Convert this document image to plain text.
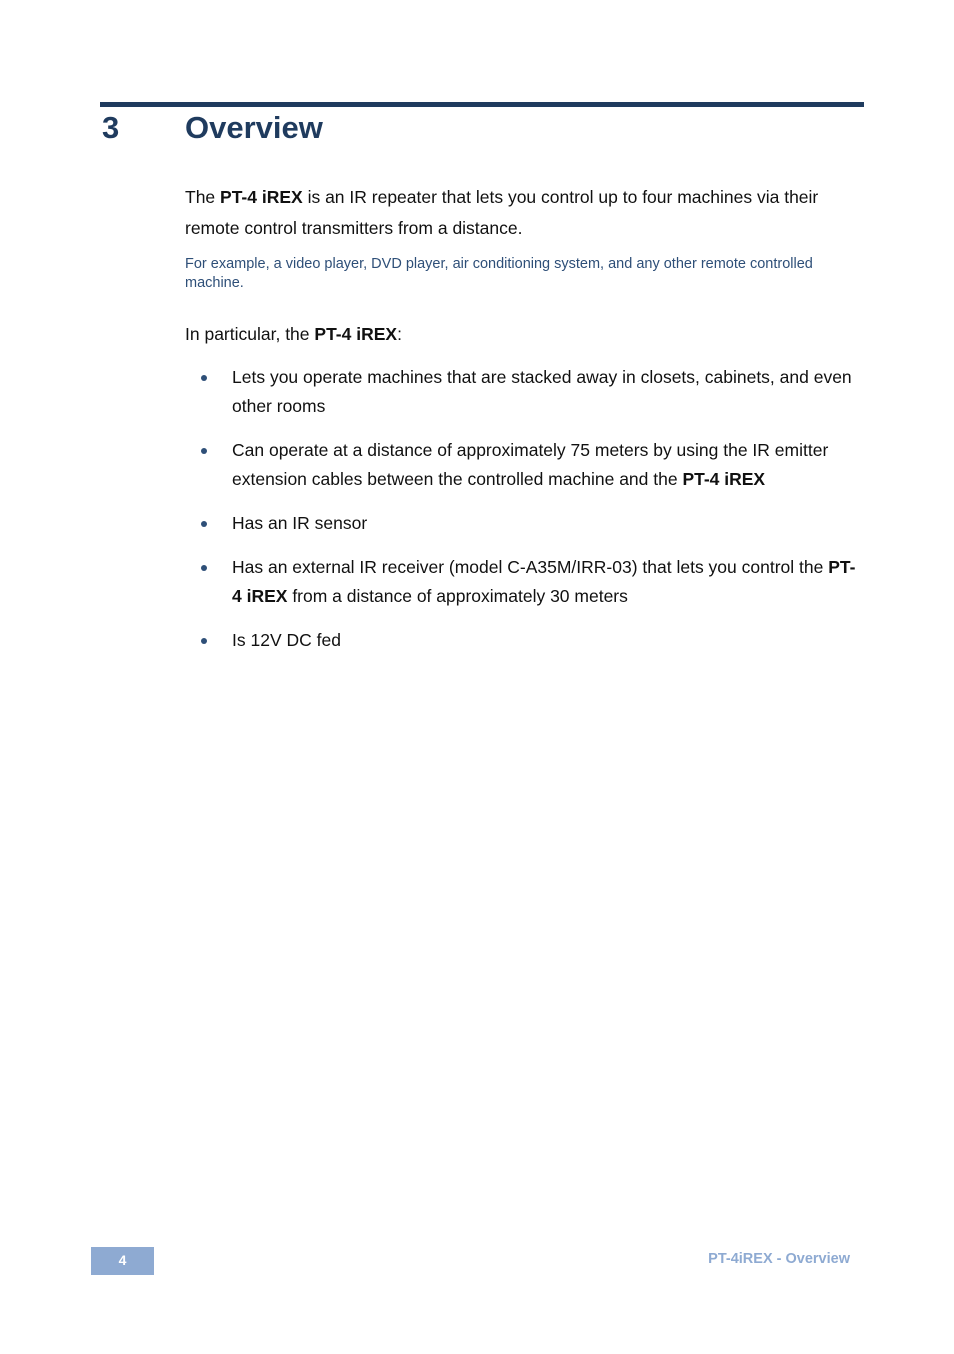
3 Overview

The PT-4 iREX is an IR repeater that lets you control up to four machines via their remote control transmitters from a distance.

For example, a video player, DVD player, air conditioning system, and any other remote controlled machine.

In particular, the PT-4 iREX:

Lets you operate machines that are stacked away in closets, cabinets, and even other rooms
Can operate at a distance of approximately 75 meters by using the IR emitter extension cables between the controlled machine and the PT-4 iREX
Has an IR sensor
Has an external IR receiver (model C-A35M/IRR-03) that lets you control the PT-4 iREX from a distance of approximately 30 meters
Is 12V DC fed
4	PT-4iREX - Overview
